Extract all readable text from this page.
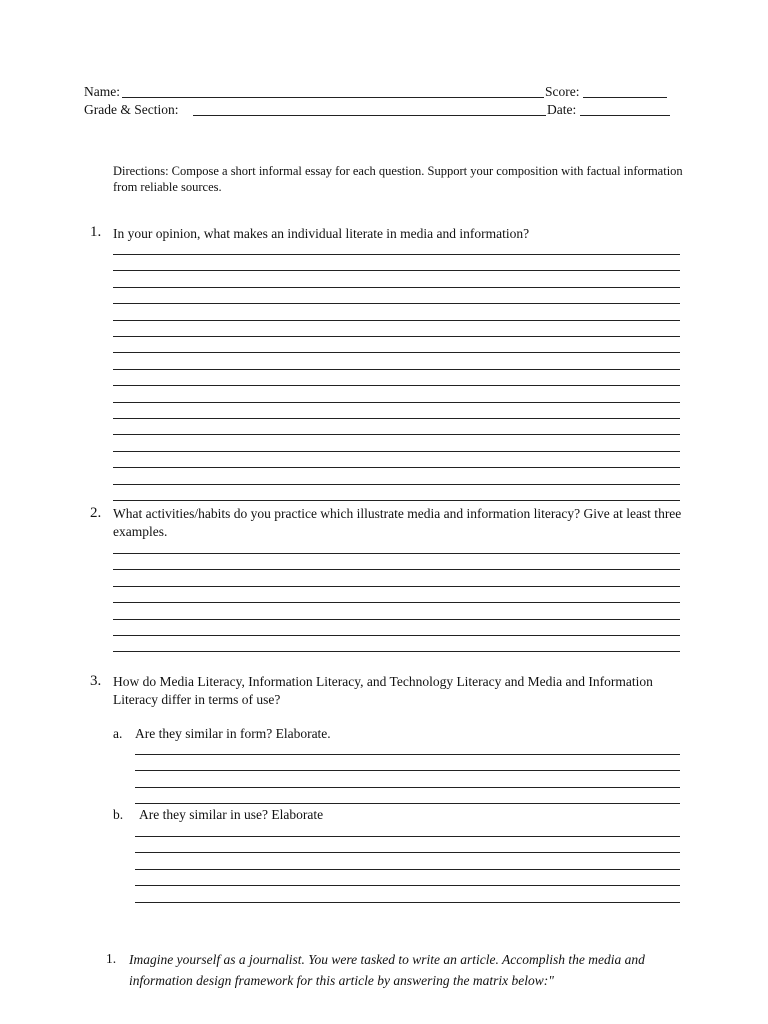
Name:	Score:
Grade & Section:	Date:
Directions: Compose a short informal essay for each question. Support your composition with factual information from reliable sources.
1. In your opinion, what makes an individual literate in media and information?
2. What activities/habits do you practice which illustrate media and information literacy? Give at least three examples.
3. How do Media Literacy, Information Literacy, and Technology Literacy and Media and Information Literacy differ in terms of use?
a. Are they similar in form? Elaborate.
b. Are they similar in use? Elaborate
1. Imagine yourself as a journalist. You were tasked to write an article. Accomplish the media and information design framework for this article by answering the matrix below:"
